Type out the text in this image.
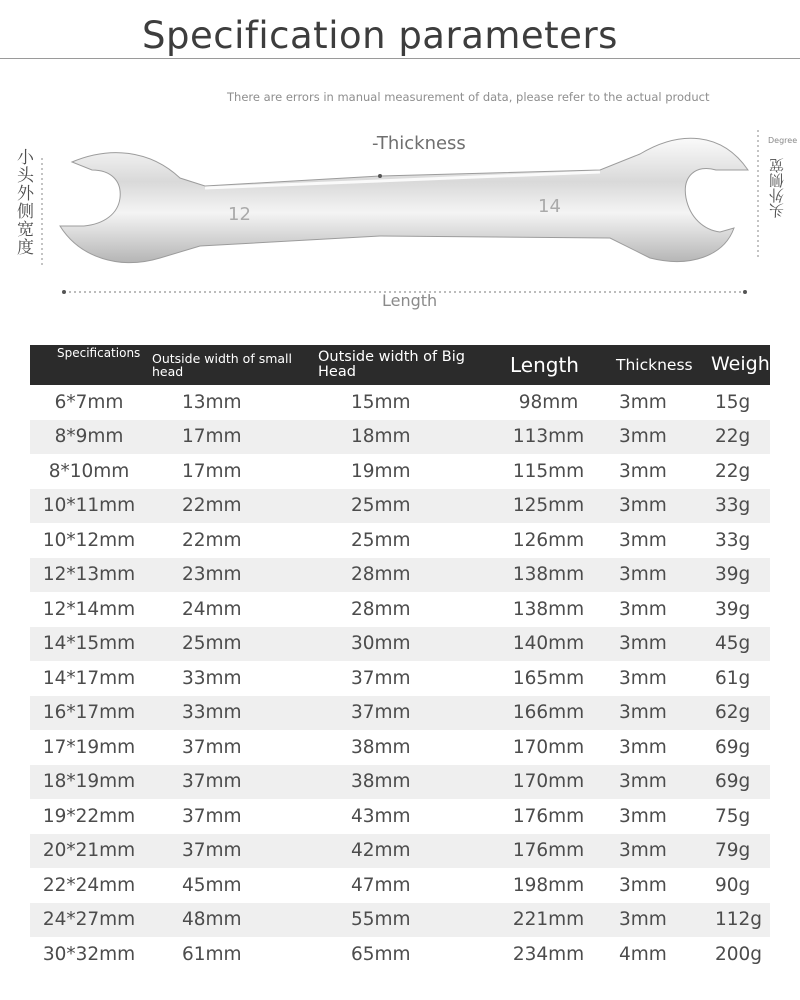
Specification parameters
There are errors in manual measurement of data, please refer to the actual product
12	14
-Thickness
Length
Degree
小头外侧宽度	头外侧宽
Specifications	Outside width of small head	Outside width of Big Head	Length	Thickness	Weight
6*7mm	13mm	15mm	98mm	3mm	15g
8*9mm	17mm	18mm	113mm	3mm	22g
8*10mm	17mm	19mm	115mm	3mm	22g
10*11mm	22mm	25mm	125mm	3mm	33g
10*12mm	22mm	25mm	126mm	3mm	33g
12*13mm	23mm	28mm	138mm	3mm	39g
12*14mm	24mm	28mm	138mm	3mm	39g
14*15mm	25mm	30mm	140mm	3mm	45g
14*17mm	33mm	37mm	165mm	3mm	61g
16*17mm	33mm	37mm	166mm	3mm	62g
17*19mm	37mm	38mm	170mm	3mm	69g
18*19mm	37mm	38mm	170mm	3mm	69g
19*22mm	37mm	43mm	176mm	3mm	75g
20*21mm	37mm	42mm	176mm	3mm	79g
22*24mm	45mm	47mm	198mm	3mm	90g
24*27mm	48mm	55mm	221mm	3mm	112g
30*32mm	61mm	65mm	234mm	4mm	200g
